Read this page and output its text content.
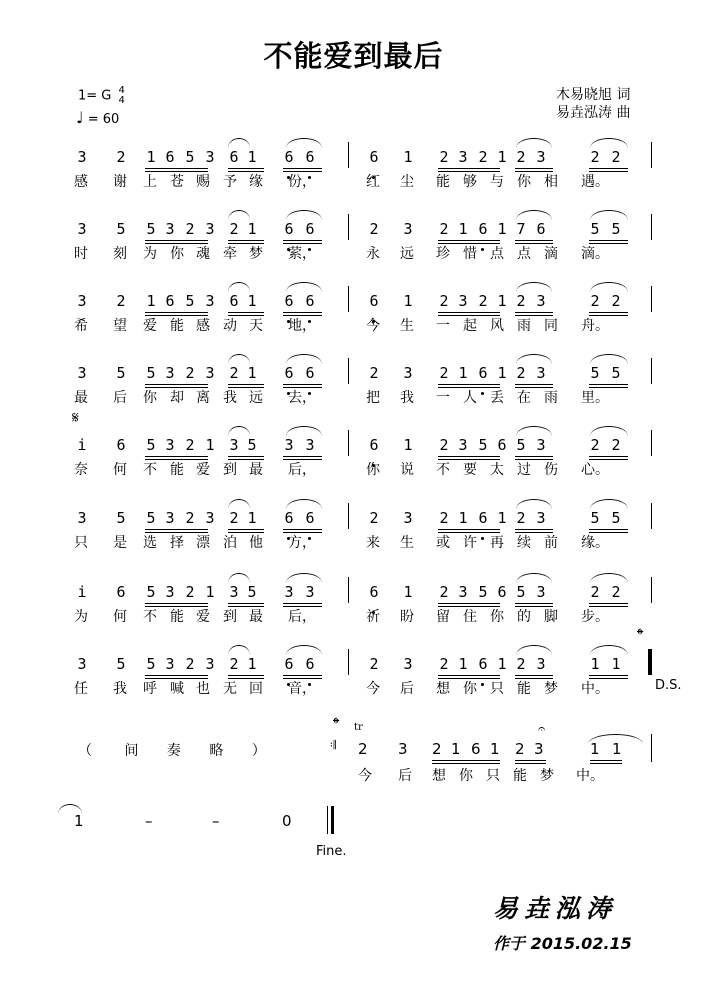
不能爱到最后
1= G 4
4
♩ = 60
木易晓旭 词
易垚泓涛 曲
3 2 1 6 5 3 6 1 6 6	6 1 2 3 2 1 2 3	2 2
感 谢 上 苍 赐 予 缘 份，	红 尘 能 够 与 你 相 遇。
3 5 5 3 2 3 2 1 6 6	2 3 2 1 6 1 7 6	5 5
时 刻 为 你 魂 牵 梦 萦，	永 远 珍 惜 点 点 滴 滴。
3 2 1 6 5 3 6 1 6 6	6 1 2 3 2 1 2 3	2 2
希 望 爱 能 感 动 天 地，	今 生 一 起 风 雨 同 舟。
3 5 5 3 2 3 2 1 6 6	2 3 2 1 6 1 2 3	5 5
最 后 你 却 离 我 远 去，	把 我 一 人 丢 在 雨 里。
i 6 5 3 2 1 3 5 3 3	6 1 2 3 5 6 5 3	2 2
奈 何 不 能 爱 到 最 后，	你 说 不 要 太 过 伤 心。
𝄋
3 5 5 3 2 3 2 1 6 6	2 3 2 1 6 1 2 3	5 5
只 是 选 择 漂 泊 他 方，	来 生 或 许 再 续 前 缘。
i 6 5 3 2 1 3 5 3 3	6 1 2 3 5 6 5 3	2 2
为 何 不 能 爱 到 最 后，	祈 盼 留 住 你 的 脚 步。
3 5 5 3 2 3 2 1 6 6	2 3 2 1 6 1 2 3	1 1
任 我 呼 喊 也 无 回 音，	今 后 想 你 只 能 梦 中。
𝄌
D.S.
（ 间 奏 略 ）	𝄇
𝄌 tr
2 3 2 1 6 1 2 3	1 1
今 后 想 你 只 能 梦 中。
𝄐
1	–	–	0
Fine.
易垚泓涛
作于 2015.02.15
